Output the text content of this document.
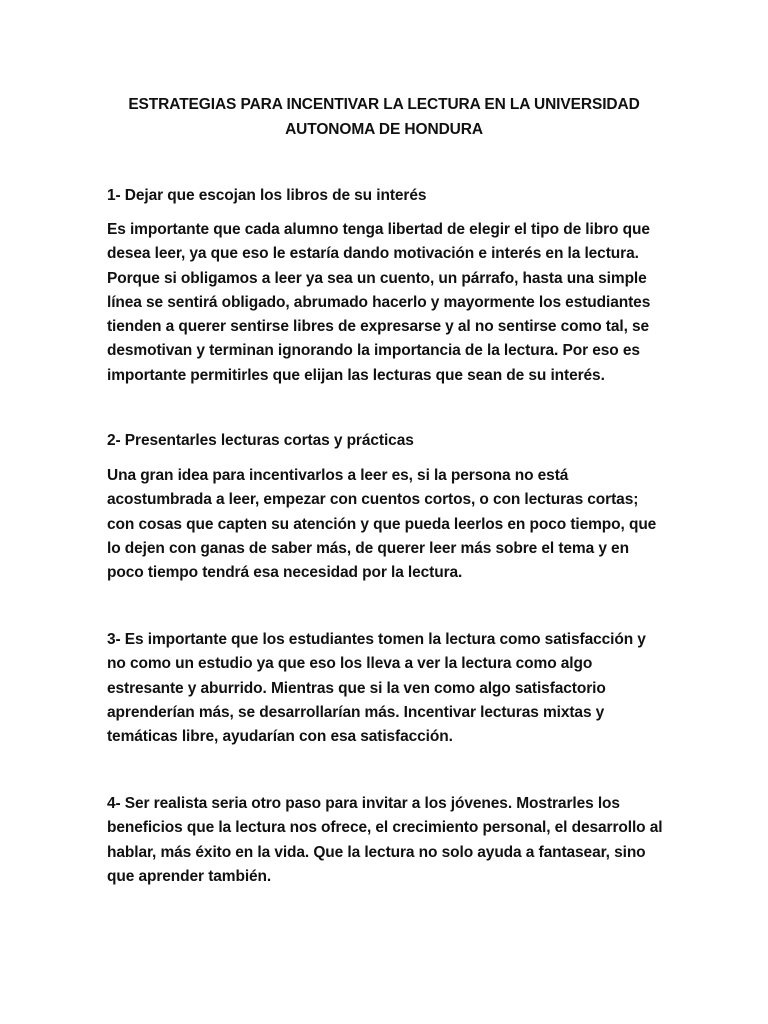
ESTRATEGIAS PARA INCENTIVAR LA LECTURA EN LA UNIVERSIDAD
AUTONOMA DE HONDURA
1- Dejar que escojan los libros de su interés

Es importante que cada alumno tenga libertad de elegir el tipo de libro que
desea leer, ya que eso le estaría dando motivación e interés en la lectura.
Porque si obligamos a leer ya sea un cuento, un párrafo, hasta una simple
línea se sentirá obligado, abrumado hacerlo y mayormente los estudiantes
tienden a querer sentirse libres de expresarse y al no sentirse como tal, se
desmotivan y terminan ignorando la importancia de la lectura. Por eso es
importante permitirles que elijan las lecturas que sean de su interés.

2- Presentarles lecturas cortas y prácticas

Una gran idea para incentivarlos a leer es, si la persona no está
acostumbrada a leer, empezar con cuentos cortos, o con lecturas cortas;
con cosas que capten su atención y que pueda leerlos en poco tiempo, que
lo dejen con ganas de saber más, de querer leer más sobre el tema y en
poco tiempo tendrá esa necesidad por la lectura.

3- Es importante que los estudiantes tomen la lectura como satisfacción y
no como un estudio ya que eso los lleva a ver la lectura como algo
estresante y aburrido. Mientras que si la ven como algo satisfactorio
aprenderían más, se desarrollarían más. Incentivar lecturas mixtas y
temáticas libre, ayudarían con esa satisfacción.

4- Ser realista seria otro paso para invitar a los jóvenes. Mostrarles los
beneficios que la lectura nos ofrece, el crecimiento personal, el desarrollo al
hablar, más éxito en la vida. Que la lectura no solo ayuda a fantasear, sino
que aprender también.
